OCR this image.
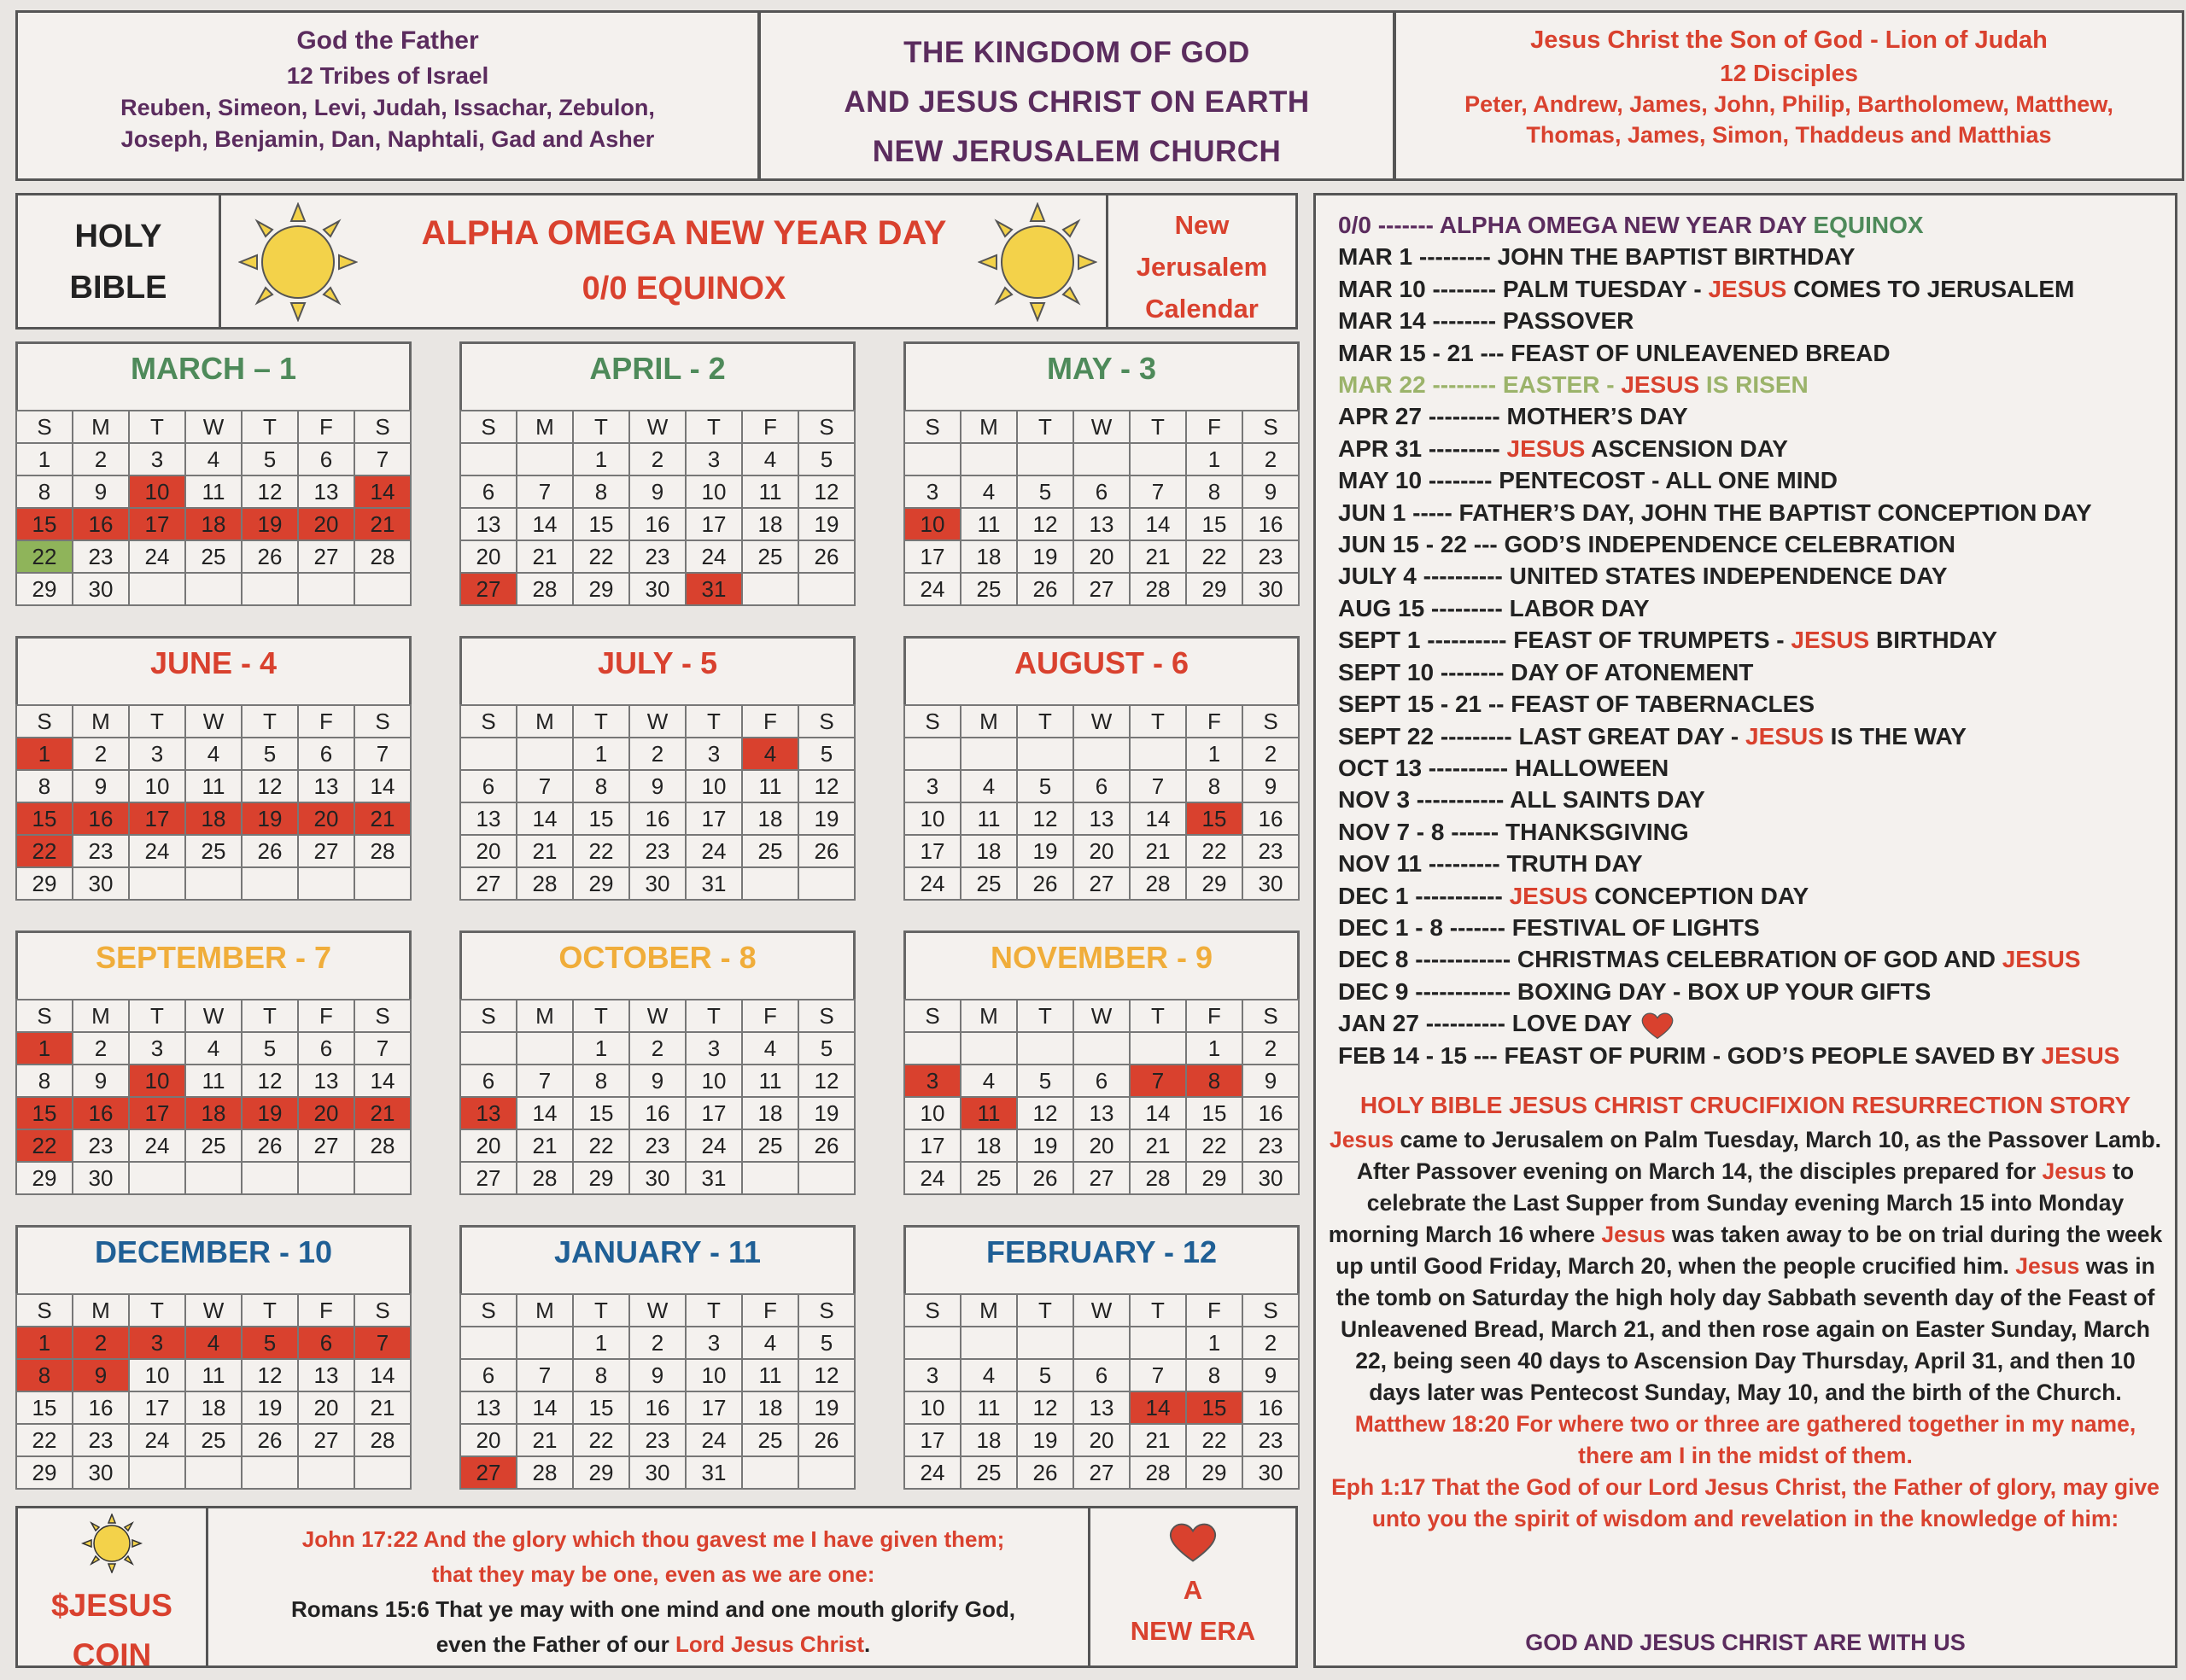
God the Father
12 Tribes of Israel
Reuben, Simeon, Levi, Judah, Issachar, Zebulon,
Joseph, Benjamin, Dan, Naphtali, Gad and Asher
THE KINGDOM OF GOD
AND JESUS CHRIST ON EARTH
NEW JERUSALEM CHURCH
Jesus Christ the Son of God - Lion of Judah
12 Disciples
Peter, Andrew, James, John, Philip, Bartholomew, Matthew,
Thomas, James, Simon, Thaddeus and Matthias
HOLY
BIBLE
ALPHA OMEGA NEW YEAR DAY
0/0 EQUINOX
New
Jerusalem
Calendar
MARCH – 1
S	M	T	W	T	F	S
1	2	3	4	5	6	7
8	9	10	11	12	13	14
15	16	17	18	19	20	21
22	23	24	25	26	27	28
29	30					
APRIL - 2
S	M	T	W	T	F	S
		1	2	3	4	5
6	7	8	9	10	11	12
13	14	15	16	17	18	19
20	21	22	23	24	25	26
27	28	29	30	31		
MAY - 3
S	M	T	W	T	F	S
					1	2
3	4	5	6	7	8	9
10	11	12	13	14	15	16
17	18	19	20	21	22	23
24	25	26	27	28	29	30
JUNE - 4
S	M	T	W	T	F	S
1	2	3	4	5	6	7
8	9	10	11	12	13	14
15	16	17	18	19	20	21
22	23	24	25	26	27	28
29	30					
JULY - 5
S	M	T	W	T	F	S
		1	2	3	4	5
6	7	8	9	10	11	12
13	14	15	16	17	18	19
20	21	22	23	24	25	26
27	28	29	30	31		
AUGUST - 6
S	M	T	W	T	F	S
					1	2
3	4	5	6	7	8	9
10	11	12	13	14	15	16
17	18	19	20	21	22	23
24	25	26	27	28	29	30
SEPTEMBER - 7
S	M	T	W	T	F	S
1	2	3	4	5	6	7
8	9	10	11	12	13	14
15	16	17	18	19	20	21
22	23	24	25	26	27	28
29	30					
OCTOBER - 8
S	M	T	W	T	F	S
		1	2	3	4	5
6	7	8	9	10	11	12
13	14	15	16	17	18	19
20	21	22	23	24	25	26
27	28	29	30	31		
NOVEMBER - 9
S	M	T	W	T	F	S
					1	2
3	4	5	6	7	8	9
10	11	12	13	14	15	16
17	18	19	20	21	22	23
24	25	26	27	28	29	30
DECEMBER - 10
S	M	T	W	T	F	S
1	2	3	4	5	6	7
8	9	10	11	12	13	14
15	16	17	18	19	20	21
22	23	24	25	26	27	28
29	30					
JANUARY - 11
S	M	T	W	T	F	S
		1	2	3	4	5
6	7	8	9	10	11	12
13	14	15	16	17	18	19
20	21	22	23	24	25	26
27	28	29	30	31		
FEBRUARY - 12
S	M	T	W	T	F	S
					1	2
3	4	5	6	7	8	9
10	11	12	13	14	15	16
17	18	19	20	21	22	23
24	25	26	27	28	29	30
0/0 ------- ALPHA OMEGA NEW YEAR DAY EQUINOX
MAR 1 --------- JOHN THE BAPTIST BIRTHDAY
MAR 10 -------- PALM TUESDAY - JESUS COMES TO JERUSALEM
MAR 14 -------- PASSOVER
MAR 15 - 21 --- FEAST OF UNLEAVENED BREAD
MAR 22 -------- EASTER - JESUS IS RISEN
APR 27 --------- MOTHER’S DAY
APR 31 --------- JESUS ASCENSION DAY
MAY 10 -------- PENTECOST - ALL ONE MIND
JUN 1 ----- FATHER’S DAY, JOHN THE BAPTIST CONCEPTION DAY
JUN 15 - 22 --- GOD’S INDEPENDENCE CELEBRATION
JULY 4 ---------- UNITED STATES INDEPENDENCE DAY
AUG 15 --------- LABOR DAY
SEPT 1 ---------- FEAST OF TRUMPETS - JESUS BIRTHDAY
SEPT 10 -------- DAY OF ATONEMENT
SEPT 15 - 21 -- FEAST OF TABERNACLES
SEPT 22 --------- LAST GREAT DAY - JESUS IS THE WAY
OCT 13 ---------- HALLOWEEN
NOV 3 ----------- ALL SAINTS DAY
NOV 7 - 8 ------ THANKSGIVING
NOV 11 --------- TRUTH DAY
DEC 1 ----------- JESUS CONCEPTION DAY
DEC 1 - 8 ------- FESTIVAL OF LIGHTS
DEC 8 ------------ CHRISTMAS CELEBRATION OF GOD AND JESUS
DEC 9 ------------ BOXING DAY - BOX UP YOUR GIFTS
JAN 27 ---------- LOVE DAY
FEB 14 - 15 --- FEAST OF PURIM - GOD’S PEOPLE SAVED BY JESUS
HOLY BIBLE JESUS CHRIST CRUCIFIXION RESURRECTION STORY
Jesus came to Jerusalem on Palm Tuesday, March 10, as the Passover Lamb. After Passover evening on March 14, the disciples prepared for Jesus to celebrate the Last Supper from Sunday evening March 15 into Monday morning March 16 where Jesus was taken away to be on trial during the week up until Good Friday, March 20, when the people crucified him. Jesus was in the tomb on Saturday the high holy day Sabbath seventh day of the Feast of Unleavened Bread, March 21, and then rose again on Easter Sunday, March 22, being seen 40 days to Ascension Day Thursday, April 31, and then 10 days later was Pentecost Sunday, May 10, and the birth of the Church.
Matthew 18:20 For where two or three are gathered together in my name, there am I in the midst of them.
Eph 1:17 That the God of our Lord Jesus Christ, the Father of glory, may give unto you the spirit of wisdom and revelation in the knowledge of him:
GOD AND JESUS CHRIST ARE WITH US
$JESUS
COIN
John 17:22 And the glory which thou gavest me I have given them;
that they may be one, even as we are one:
Romans 15:6 That ye may with one mind and one mouth glorify God,
even the Father of our Lord Jesus Christ.
A
NEW ERA
